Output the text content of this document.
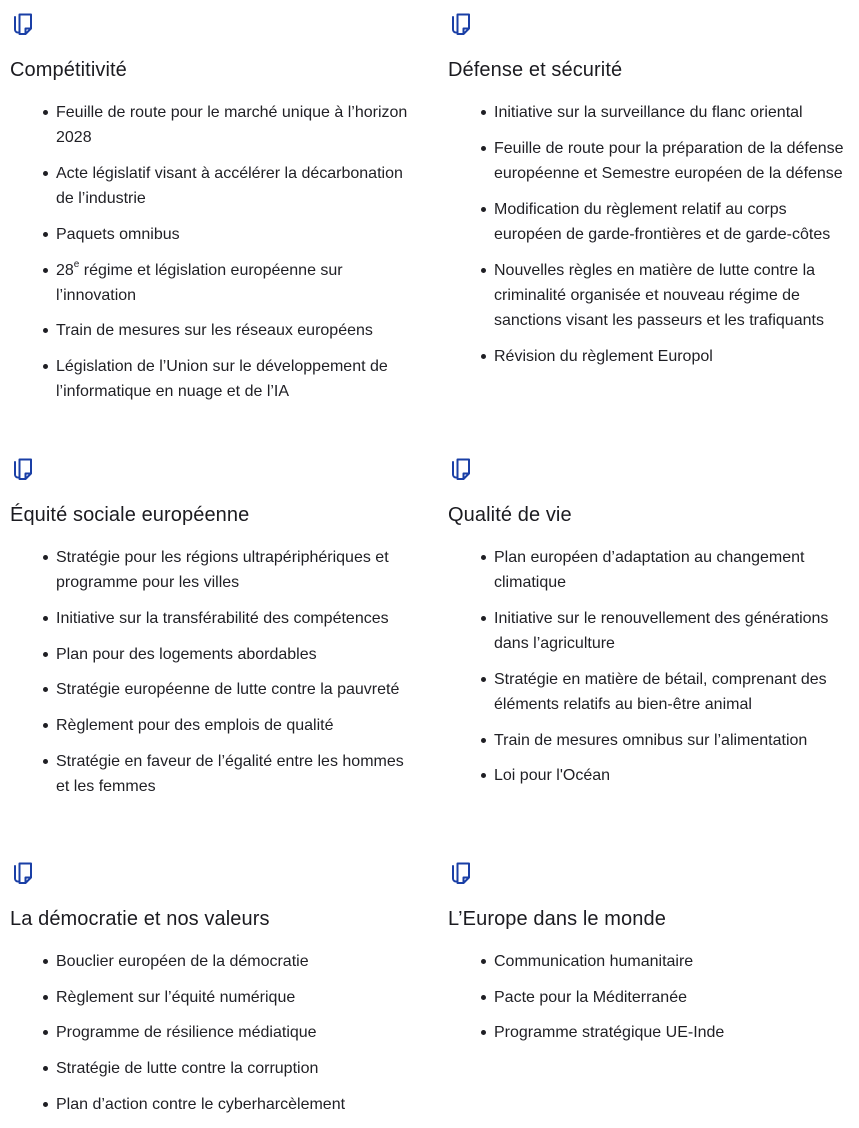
Compétitivité
Feuille de route pour le marché unique à l’horizon 2028
Acte législatif visant à accélérer la décarbonation de l’industrie
Paquets omnibus
28e régime et législation européenne sur l’innovation
Train de mesures sur les réseaux européens
Législation de l’Union sur le développement de l’informatique en nuage et de l’IA
Défense et sécurité
Initiative sur la surveillance du flanc oriental
Feuille de route pour la préparation de la défense européenne et Semestre européen de la défense
Modification du règlement relatif au corps européen de garde-frontières et de garde-côtes
Nouvelles règles en matière de lutte contre la criminalité organisée et nouveau régime de sanctions visant les passeurs et les trafiquants
Révision du règlement Europol
Équité sociale européenne
Stratégie pour les régions ultrapériphériques et programme pour les villes
Initiative sur la transférabilité des compétences
Plan pour des logements abordables
Stratégie européenne de lutte contre la pauvreté
Règlement pour des emplois de qualité
Stratégie en faveur de l’égalité entre les hommes et les femmes
Qualité de vie
Plan européen d’adaptation au changement climatique
Initiative sur le renouvellement des générations dans l’agriculture
Stratégie en matière de bétail, comprenant des éléments relatifs au bien-être animal
Train de mesures omnibus sur l’alimentation
Loi pour l'Océan
La démocratie et nos valeurs
Bouclier européen de la démocratie
Règlement sur l’équité numérique
Programme de résilience médiatique
Stratégie de lutte contre la corruption
Plan d’action contre le cyberharcèlement
L’Europe dans le monde
Communication humanitaire
Pacte pour la Méditerranée
Programme stratégique UE-Inde
